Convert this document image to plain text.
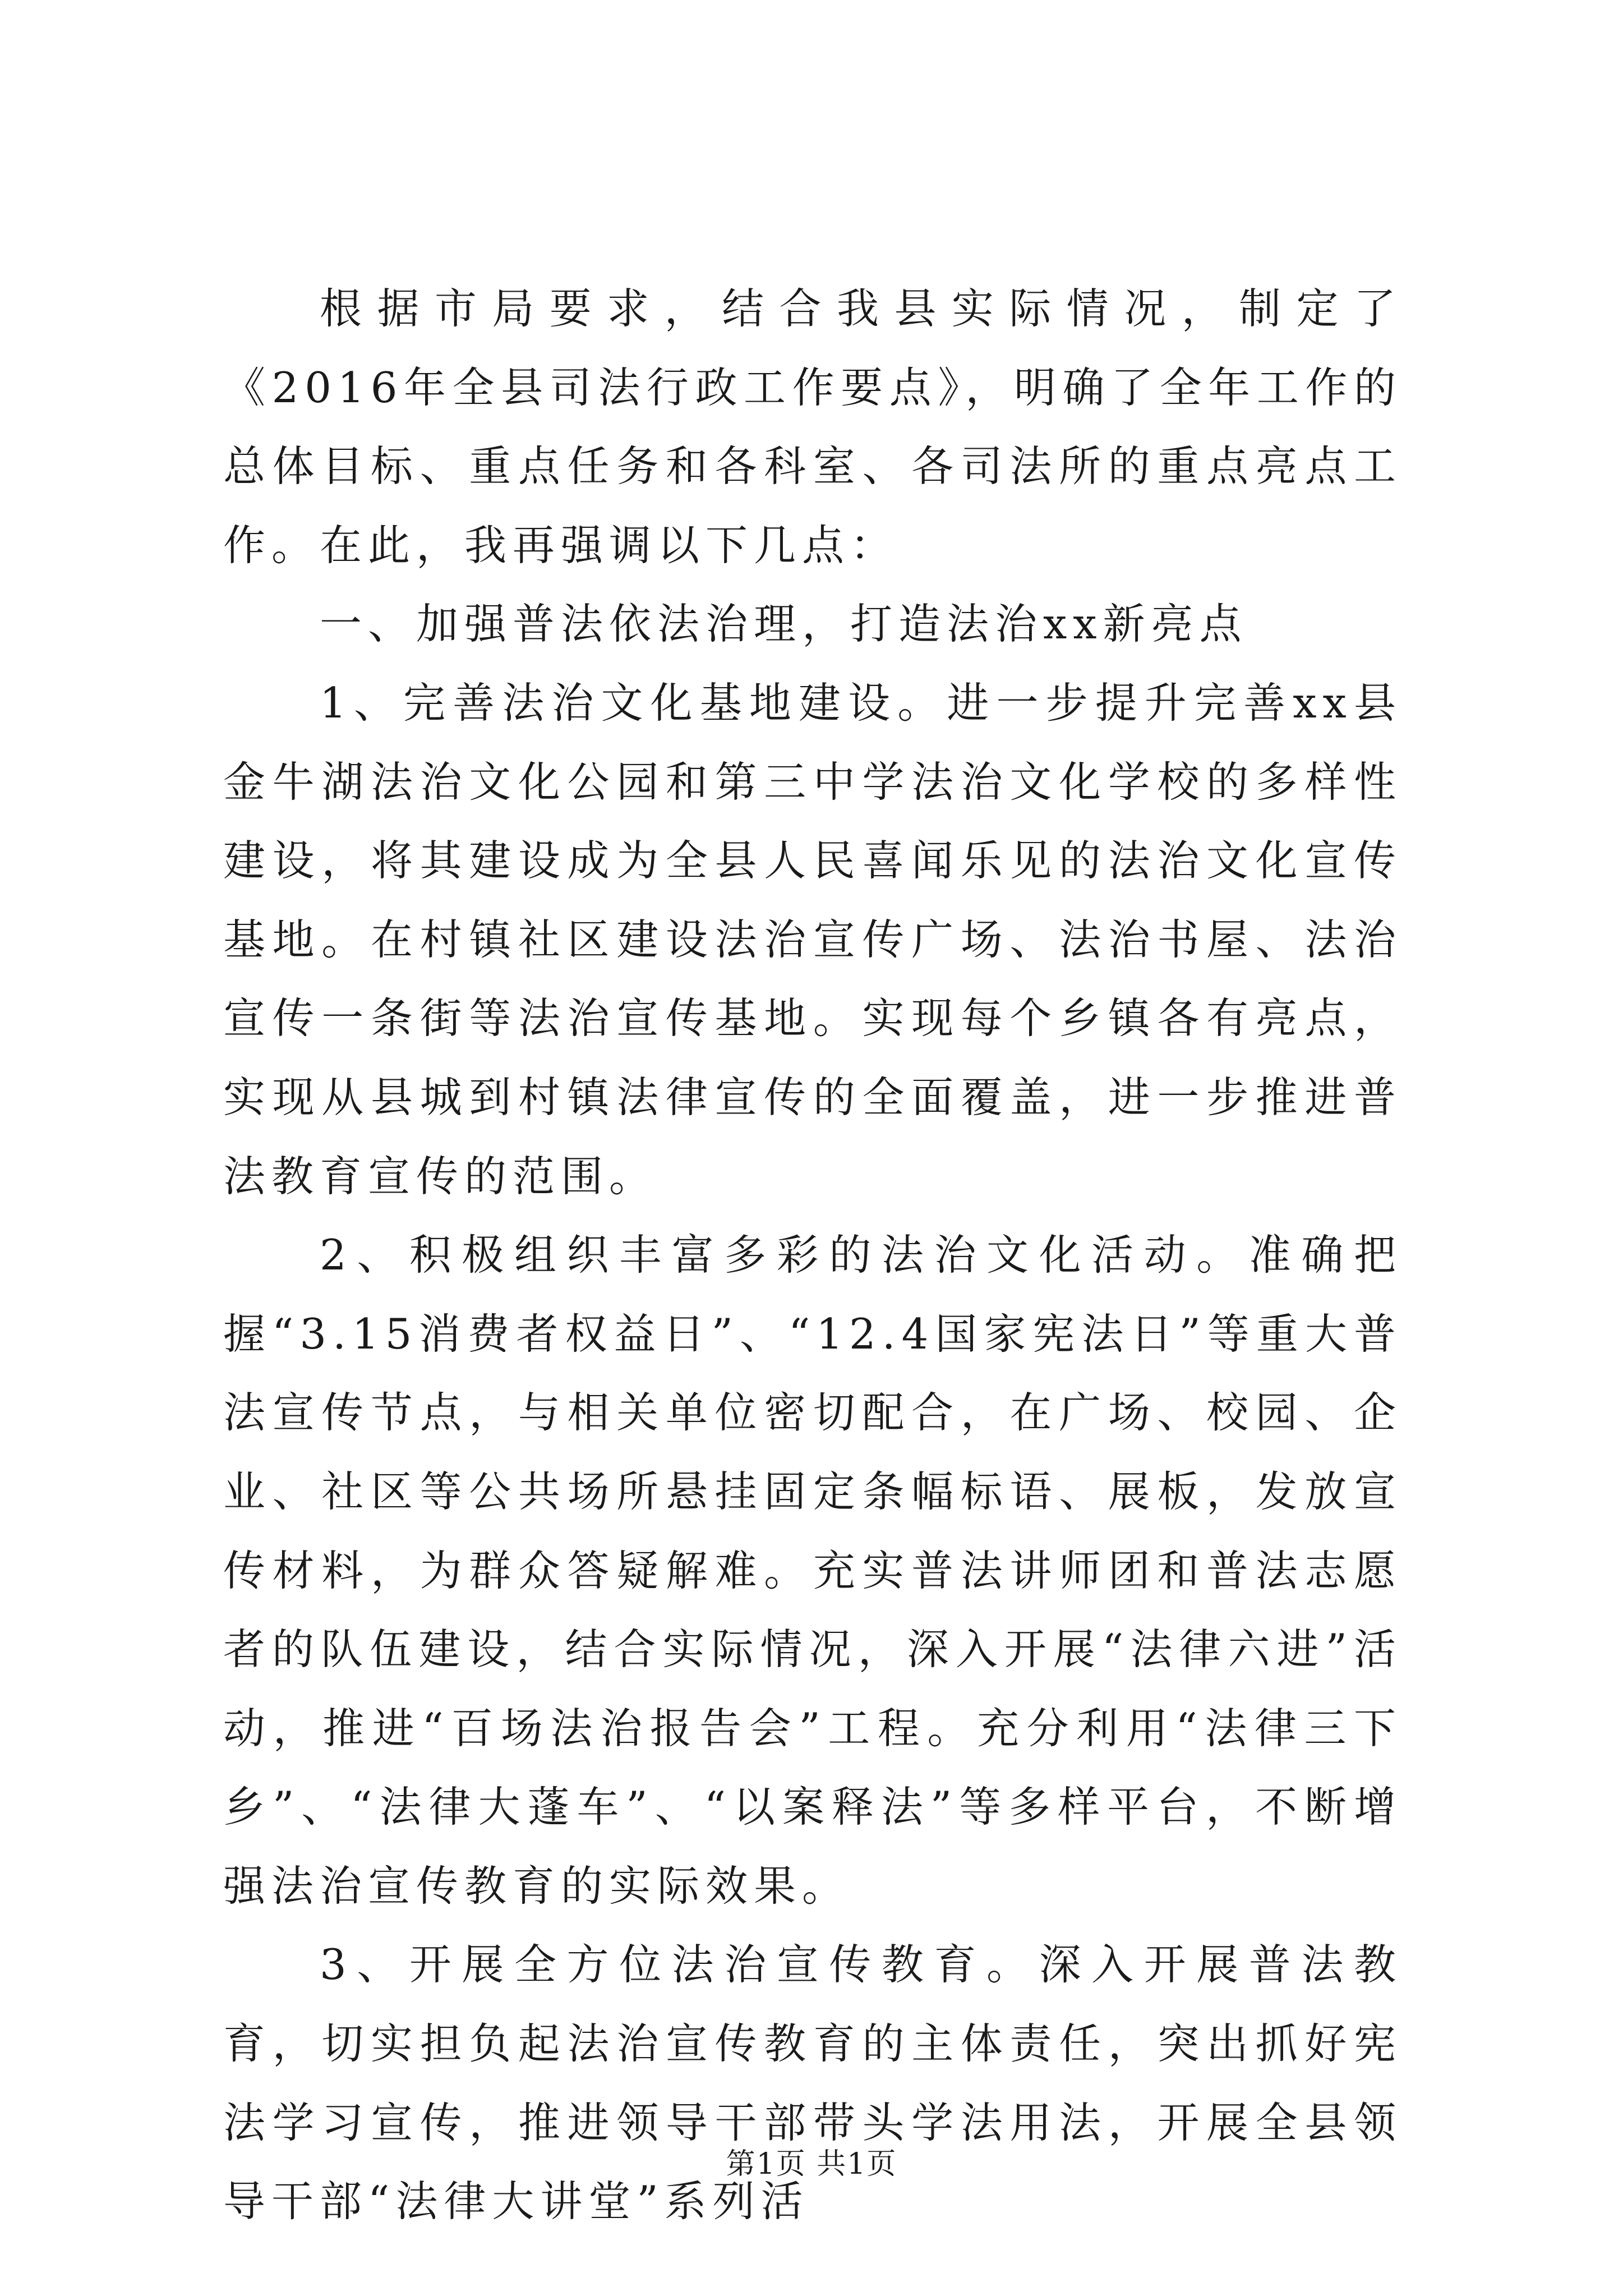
根据市局要求，结合我县实际情况，制定了《2016年全县司法行政工作要点》，明确了全年工作的总体目标、重点任务和各科室、各司法所的重点亮点工作。在此，我再强调以下几点：

一、加强普法依法治理，打造法治xx新亮点

1、完善法治文化基地建设。进一步提升完善xx县金牛湖法治文化公园和第三中学法治文化学校的多样性建设，将其建设成为全县人民喜闻乐见的法治文化宣传基地。在村镇社区建设法治宣传广场、法治书屋、法治宣传一条街等法治宣传基地。实现每个乡镇各有亮点，实现从县城到村镇法律宣传的全面覆盖，进一步推进普法教育宣传的范围。

2、积极组织丰富多彩的法治文化活动。准确把握“3.15消费者权益日”、“12.4国家宪法日”等重大普法宣传节点，与相关单位密切配合，在广场、校园、企业、社区等公共场所悬挂固定条幅标语、展板，发放宣传材料，为群众答疑解难。充实普法讲师团和普法志愿者的队伍建设，结合实际情况，深入开展“法律六进”活动，推进“百场法治报告会”工程。充分利用“法律三下乡”、“法律大蓬车”、“以案释法”等多样平台，不断增强法治宣传教育的实际效果。

3、开展全方位法治宣传教育。深入开展普法教育，切实担负起法治宣传教育的主体责任，突出抓好宪法学习宣传，推进领导干部带头学法用法，开展全县领导干部“法律大讲堂”系列活

第1页 共1页
